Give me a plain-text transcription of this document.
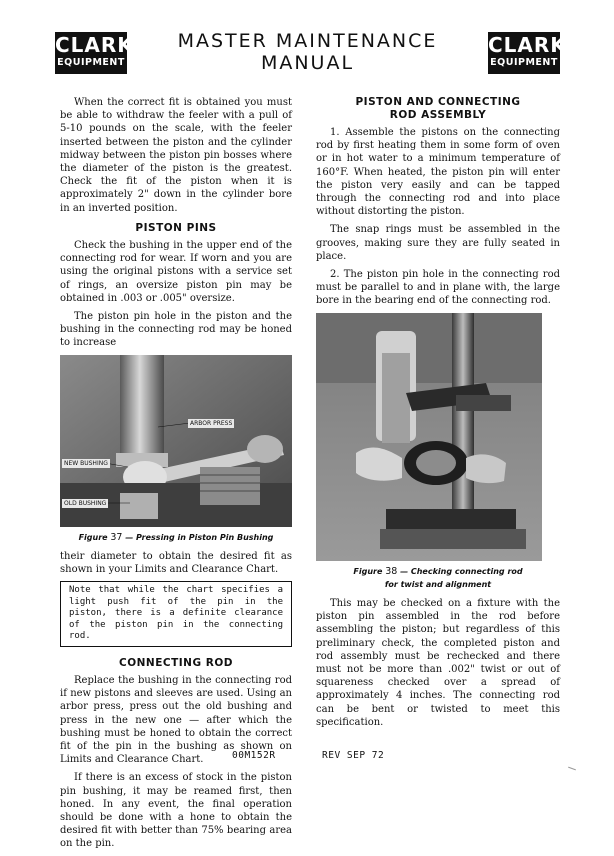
CLARK
EQUIPMENT
MASTER MAINTENANCE MANUAL
CLARK
EQUIPMENT

When the correct fit is obtained you must be able to withdraw the feeler with a pull of 5-10 pounds on the scale, with the feeler inserted between the piston and the cylinder midway between the piston pin bosses where the diameter of the piston is the greatest. Check the fit of the piston when it is approximately 2" down in the cylinder bore in an inverted position.

PISTON PINS

Check the bushing in the upper end of the connecting rod for wear. If worn and you are using the original pistons with a service set of rings, an oversize piston pin may be obtained in .003 or .005" oversize.

The piston pin hole in the piston and the bushing in the connecting rod may be honed to increase

ARBOR PRESS
NEW BUSHING
OLD BUSHING
Figure 37 — Pressing in Piston Pin Bushing

their diameter to obtain the desired fit as shown in your Limits and Clearance Chart.

Note that while the chart specifies a light push fit of the pin in the piston, there is a definite clearance of the piston pin in the connecting rod.
CONNECTING ROD

Replace the bushing in the connecting rod if new pistons and sleeves are used. Using an arbor press, press out the old bushing and press in the new one — after which the bushing must be honed to obtain the correct fit of the pin in the bushing as shown on Limits and Clearance Chart.

If there is an excess of stock in the piston pin bushing, it may be reamed first, then honed. In any event, the final operation should be done with a hone to obtain the desired fit with better than 75% bearing area on the pin.

PISTON AND CONNECTING
ROD ASSEMBLY

1. Assemble the pistons on the connecting rod by first heating them in some form of oven or in hot water to a minimum temperature of 160°F. When heated, the piston pin will enter the piston very easily and can be tapped through the connecting rod and into place without distorting the piston.

The snap rings must be assembled in the grooves, making sure they are fully seated in place.

2. The piston pin hole in the connecting rod must be parallel to and in plane with, the large bore in the bearing end of the connecting rod.

Figure 38 — Checking connecting rod
for twist and alignment

This may be checked on a fixture with the piston pin assembled in the rod before assembling the piston; but regardless of this preliminary check, the completed piston and rod assembly must be rechecked and there must not be more than .002" twist or out of squareness checked over a spread of approximately 4 inches. The connecting rod can be bent or twisted to meet this specification.

00M152R	REV SEP 72
